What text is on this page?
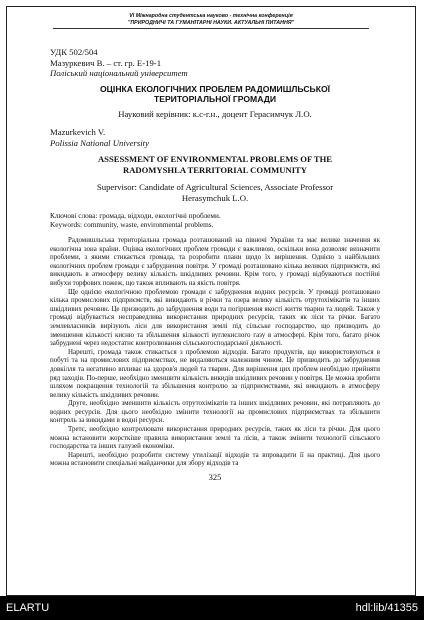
VI Міжнародна студентська науково - технічна конференція
"ПРИРОДНИЧІ ТА ГУМАНІТАРНІ НАУКИ. АКТУАЛЬНІ ПИТАННЯ"
УДК 502/504
Мазуркевич В. – ст. гр. Е-19-1
Поліський національний університет
ОЦІНКА ЕКОЛОГІЧНИХ ПРОБЛЕМ РАДОМИШЛЬСЬКОЇ
ТЕРИТОРІАЛЬНОЇ ГРОМАДИ
Науковий керівник: к.с-г.н., доцент Герасимчук Л.О.
Mazurkevich V.
Polissia National University
ASSESSMENT OF ENVIRONMENTAL PROBLEMS OF THE
RADOMYSHLA TERRITORIAL COMMUNITY
Supervisor: Candidate of Agricultural Sciences, Associate Professor
Herasymchuk L.O.
Ключові слова: громада, відходи, екологічні проблеми.
Keywords: community, waste, environmental problems.

Радомишльська територіальна громада розташований на півночі України та має велике значення як екологічна зона країни. Оцінка екологічних проблем громади є важливою, оскільки вона дозволяє визначити проблеми, з якими стикається громада, та розробити плани щодо їх вирішення. Однією з найбільших екологічних проблем громади є забруднення повітря. У громаді розташовано кілька великих підприємств, які викидають в атмосферу велику кількість шкідливих речовин. Крім того, у громаді відбуваються постійні вибухи торфових пожеж, що також впливають на якість повітря.

Ще однією екологічною проблемою громади є забруднення водних ресурсів. У громаді розташовано кілька промислових підприємств, які викидають в річки та озера велику кількість отрутохімікатів та інших шкідливих речовин. Це призводить до забруднення води та погіршення якості життя тварин та людей. Також у громаді відбувається несправедлива використання природних ресурсів, таких як ліси та річки. Багато землевласників вирізують ліси для використання землі під сільське господарство, що призводить до зменшення кількості кисню та збільшення кількості вуглекислого газу в атмосфері. Крім того, багато річок забруднені через недостатнє контролювання сільськогосподарської діяльності.

Нарешті, громада також стикається з проблемою відходів. Багато продуктів, що використовуються в побуті та на промислових підприємствах, не видаляються належним чином. Це призводить до забруднення довкілля та негативно впливає на здоров'я людей та тварин. Для вирішення цих проблем необхідно прийняти ряд заходів. По-перше, необхідно зменшити кількість викидів шкідливих речовин у повітря. Це можна зробити шляхом покращення технологій та збільшення контролю за підприємствами, які викидають в атмосферу велику кількість шкідливих речовин.

Друге, необхідно зменшити кількість отрутохімікатів та інших шкідливих речовин, які потрапляють до водних ресурсів. Для цього необхідно змінити технології на промислових підприємствах та збільшити контроль за викидами в водні ресурси.

Третє, необхідно контролювати використання природних ресурсів, таких як ліси та річки. Для цього можна встановити жорсткіше правила використання землі та лісів, а також змінити технології сільського господарства та інших галузей економіки.

Нарешті, необхідно розробити систему утилізації відходів та впровадити її на практиці. Для цього можна встановити спеціальні майданчики для збору відходів та

325
ELARTU	hdl:lib/41355
